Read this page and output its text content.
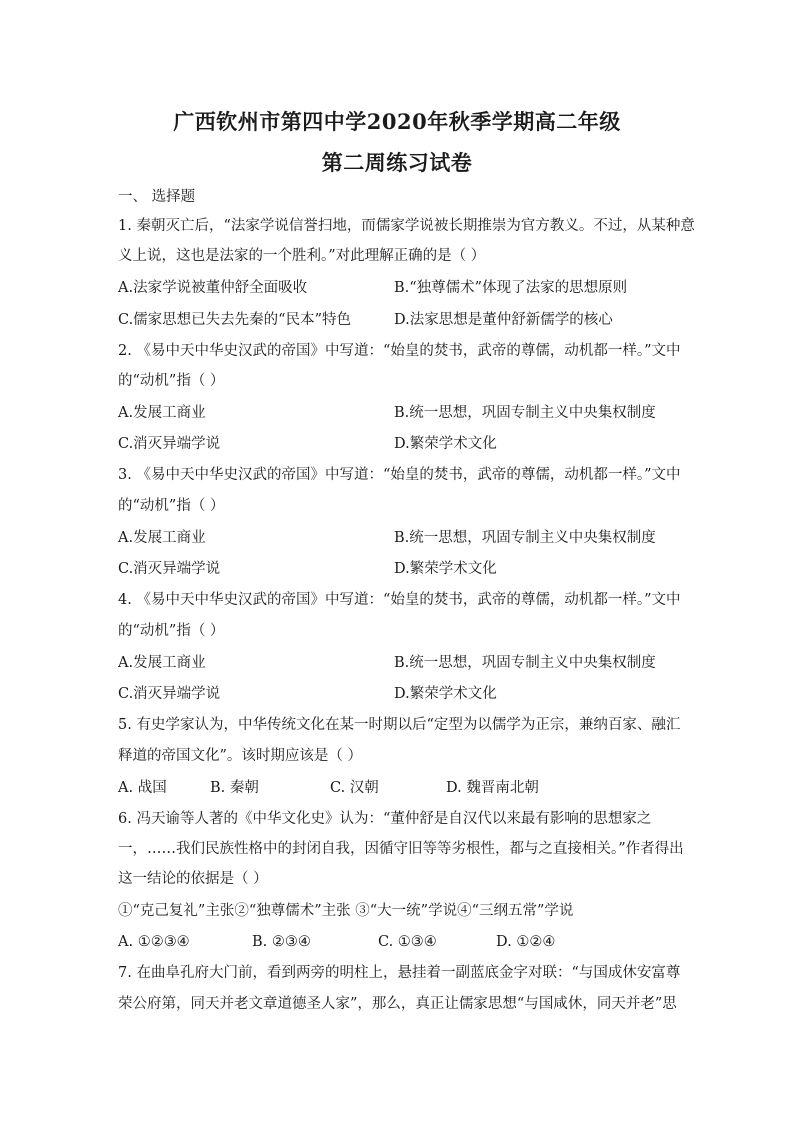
广西钦州市第四中学2020年秋季学期高二年级
第二周练习试卷
一、 选择题
1. 秦朝灭亡后，“法家学说信誉扫地，而儒家学说被长期推崇为官方教义。不过，从某种意
义上说，这也是法家的一个胜利。”对此理解正确的是（ ）
A.法家学说被董仲舒全面吸收	B.“独尊儒术”体现了法家的思想原则
C.儒家思想已失去先秦的“民本”特色	D.法家思想是董仲舒新儒学的核心
2. 《易中天中华史汉武的帝国》中写道：“始皇的焚书，武帝的尊儒，动机都一样。”文中
的“动机”指（ ）
A.发展工商业	B.统一思想，巩固专制主义中央集权制度
C.消灭异端学说	D.繁荣学术文化
3. 《易中天中华史汉武的帝国》中写道：“始皇的焚书，武帝的尊儒，动机都一样。”文中
的“动机”指（ ）
A.发展工商业	B.统一思想，巩固专制主义中央集权制度
C.消灭异端学说	D.繁荣学术文化
4. 《易中天中华史汉武的帝国》中写道：“始皇的焚书，武帝的尊儒，动机都一样。”文中
的“动机”指（ ）
A.发展工商业	B.统一思想，巩固专制主义中央集权制度
C.消灭异端学说	D.繁荣学术文化
5. 有史学家认为，中华传统文化在某一时期以后“定型为以儒学为正宗，兼纳百家、融汇
释道的帝国文化”。该时期应该是（ ）
A. 战国	B. 秦朝	C. 汉朝	D. 魏晋南北朝
6. 冯天谕等人著的《中华文化史》认为：“董仲舒是自汉代以来最有影响的思想家之
一，……我们民族性格中的封闭自我，因循守旧等等劣根性，都与之直接相关。”作者得出
这一结论的依据是（ ）
①“克己复礼”主张②“独尊儒术”主张 ③“大一统”学说④“三纲五常”学说
A. ①②③④	B. ②③④	C. ①③④	D. ①②④
7. 在曲阜孔府大门前，看到两旁的明柱上，悬挂着一副蓝底金字对联：“与国成休安富尊
荣公府第，同天并老文章道德圣人家”，那么，真正让儒家思想“与国咸休，同天并老”思
